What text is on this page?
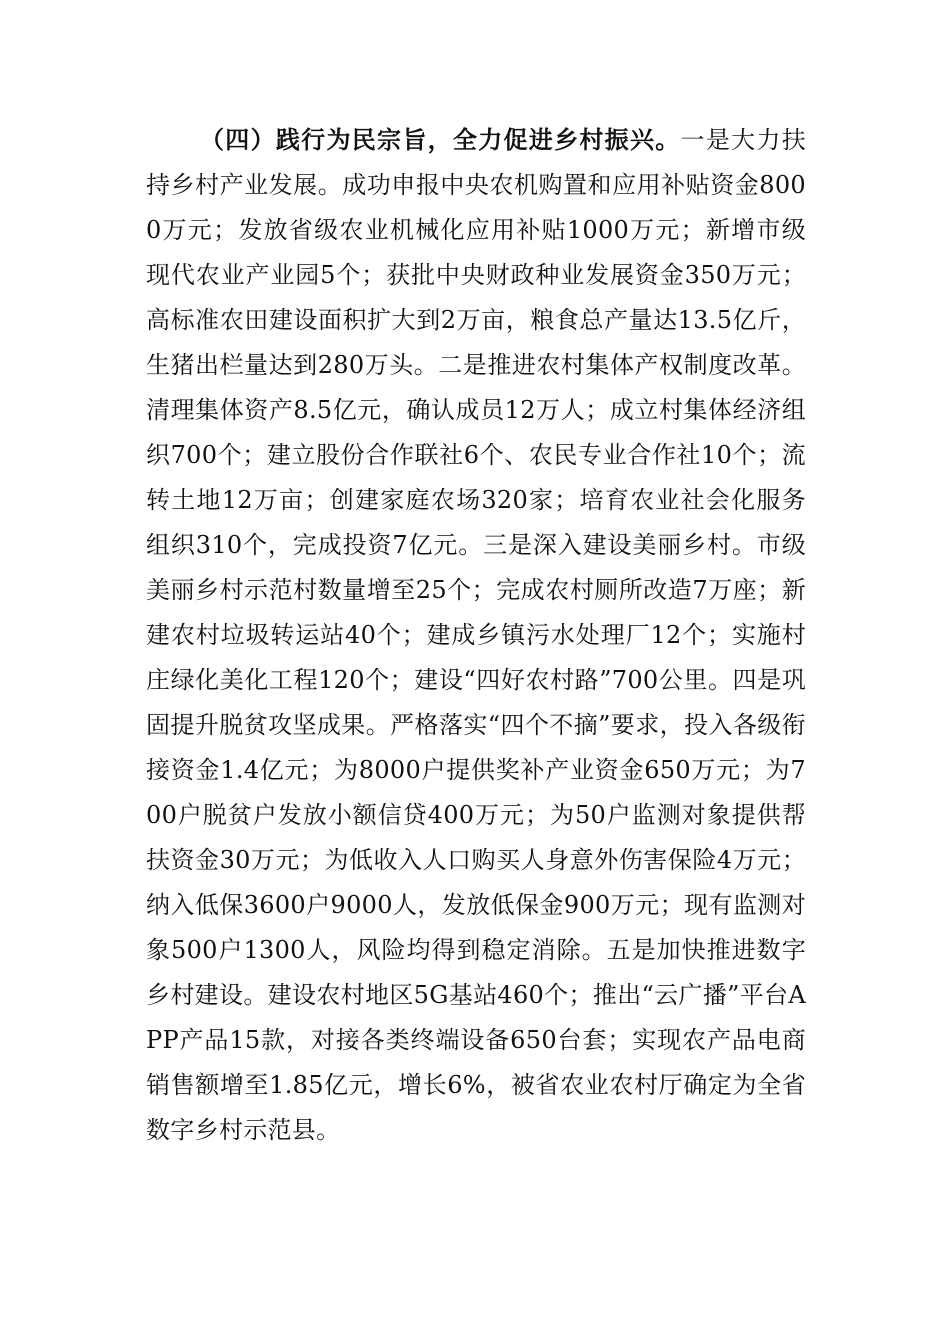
（四）践行为民宗旨，全力促进乡村振兴。一是大力扶持乡村产业发展。成功申报中央农机购置和应用补贴资金8000万元；发放省级农业机械化应用补贴1000万元；新增市级现代农业产业园5个；获批中央财政种业发展资金350万元；高标准农田建设面积扩大到2万亩，粮食总产量达13.5亿斤，生猪出栏量达到280万头。二是推进农村集体产权制度改革。清理集体资产8.5亿元，确认成员12万人；成立村集体经济组织700个；建立股份合作联社6个、农民专业合作社10个；流转土地12万亩；创建家庭农场320家；培育农业社会化服务组织310个，完成投资7亿元。三是深入建设美丽乡村。市级美丽乡村示范村数量增至25个；完成农村厕所改造7万座；新建农村垃圾转运站40个；建成乡镇污水处理厂12个；实施村庄绿化美化工程120个；建设“四好农村路”700公里。四是巩固提升脱贫攻坚成果。严格落实“四个不摘”要求，投入各级衔接资金1.4亿元；为8000户提供奖补产业资金650万元；为700户脱贫户发放小额信贷400万元；为50户监测对象提供帮扶资金30万元；为低收入人口购买人身意外伤害保险4万元；纳入低保3600户9000人，发放低保金900万元；现有监测对象500户1300人，风险均得到稳定消除。五是加快推进数字乡村建设。建设农村地区5G基站460个；推出“云广播”平台APP产品15款，对接各类终端设备650台套；实现农产品电商销售额增至1.85亿元，增长6%，被省农业农村厅确定为全省数字乡村示范县。
